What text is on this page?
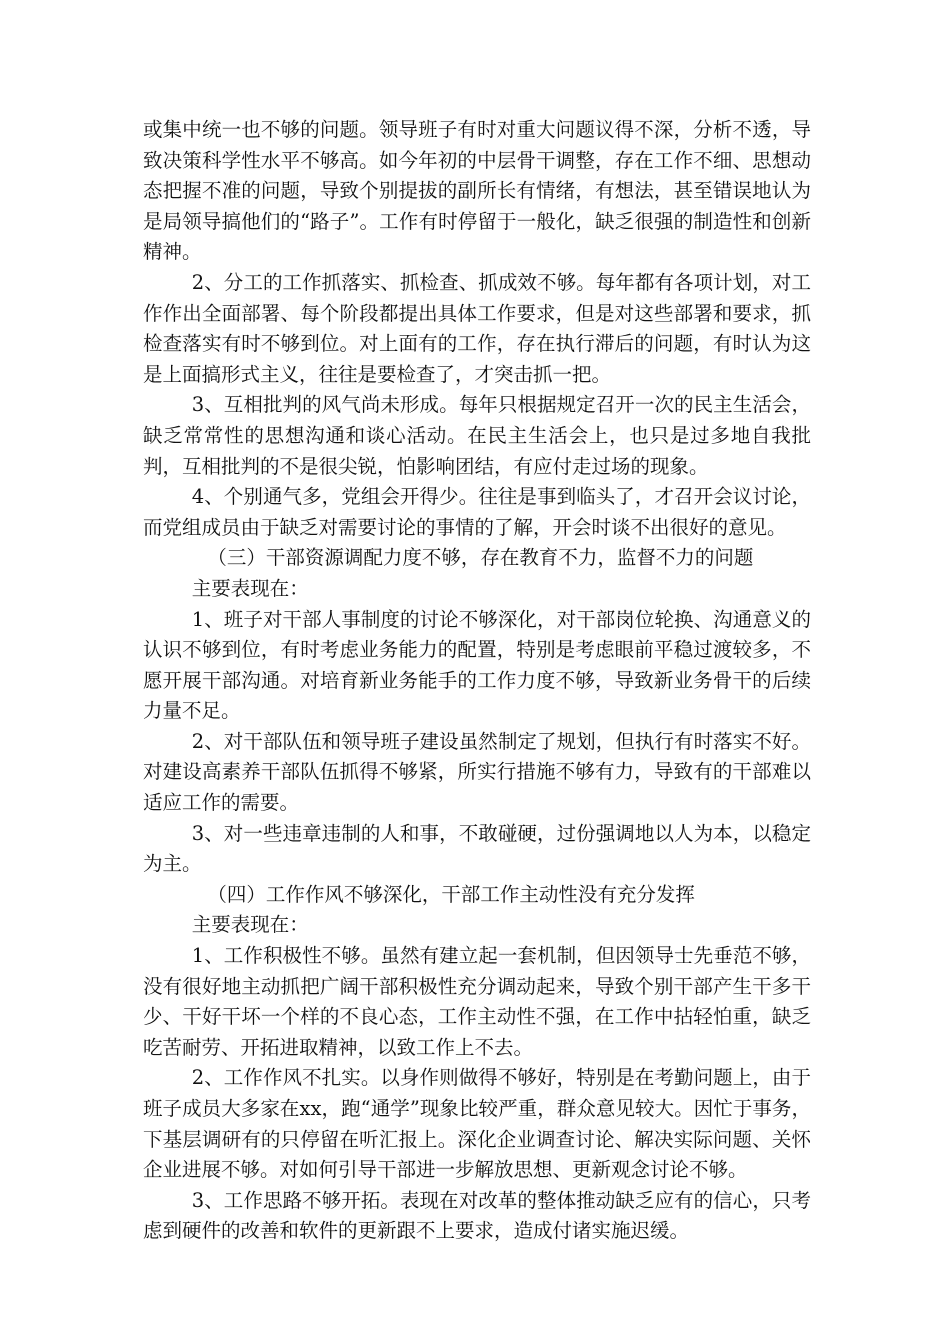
或集中统一也不够的问题。领导班子有时对重大问题议得不深，分析不透，导致决策科学性水平不够高。如今年初的中层骨干调整，存在工作不细、思想动态把握不准的问题，导致个别提拔的副所长有情绪，有想法，甚至错误地认为是局领导搞他们的“路子”。工作有时停留于一般化，缺乏很强的制造性和创新精神。

2、分工的工作抓落实、抓检查、抓成效不够。每年都有各项计划，对工作作出全面部署、每个阶段都提出具体工作要求，但是对这些部署和要求，抓检查落实有时不够到位。对上面有的工作，存在执行滞后的问题，有时认为这是上面搞形式主义，往往是要检查了，才突击抓一把。

3、互相批判的风气尚未形成。每年只根据规定召开一次的民主生活会，缺乏常常性的思想沟通和谈心活动。在民主生活会上，也只是过多地自我批判，互相批判的不是很尖锐，怕影响团结，有应付走过场的现象。

4、个别通气多，党组会开得少。往往是事到临头了，才召开会议讨论，而党组成员由于缺乏对需要讨论的事情的了解，开会时谈不出很好的意见。

（三）干部资源调配力度不够，存在教育不力，监督不力的问题

主要表现在：

1、班子对干部人事制度的讨论不够深化，对干部岗位轮换、沟通意义的认识不够到位，有时考虑业务能力的配置，特别是考虑眼前平稳过渡较多，不愿开展干部沟通。对培育新业务能手的工作力度不够，导致新业务骨干的后续力量不足。

2、对干部队伍和领导班子建设虽然制定了规划，但执行有时落实不好。对建设高素养干部队伍抓得不够紧，所实行措施不够有力，导致有的干部难以适应工作的需要。

3、对一些违章违制的人和事，不敢碰硬，过份强调地以人为本，以稳定为主。

（四）工作作风不够深化，干部工作主动性没有充分发挥

主要表现在：

1、工作积极性不够。虽然有建立起一套机制，但因领导士先垂范不够，没有很好地主动抓把广阔干部积极性充分调动起来，导致个别干部产生干多干少、干好干坏一个样的不良心态，工作主动性不强，在工作中拈轻怕重，缺乏吃苦耐劳、开拓进取精神，以致工作上不去。

2、工作作风不扎实。以身作则做得不够好，特别是在考勤问题上，由于班子成员大多家在xx，跑“通学”现象比较严重，群众意见较大。因忙于事务，下基层调研有的只停留在听汇报上。深化企业调查讨论、解决实际问题、关怀企业进展不够。对如何引导干部进一步解放思想、更新观念讨论不够。

3、工作思路不够开拓。表现在对改革的整体推动缺乏应有的信心，只考虑到硬件的改善和软件的更新跟不上要求，造成付诸实施迟缓。
